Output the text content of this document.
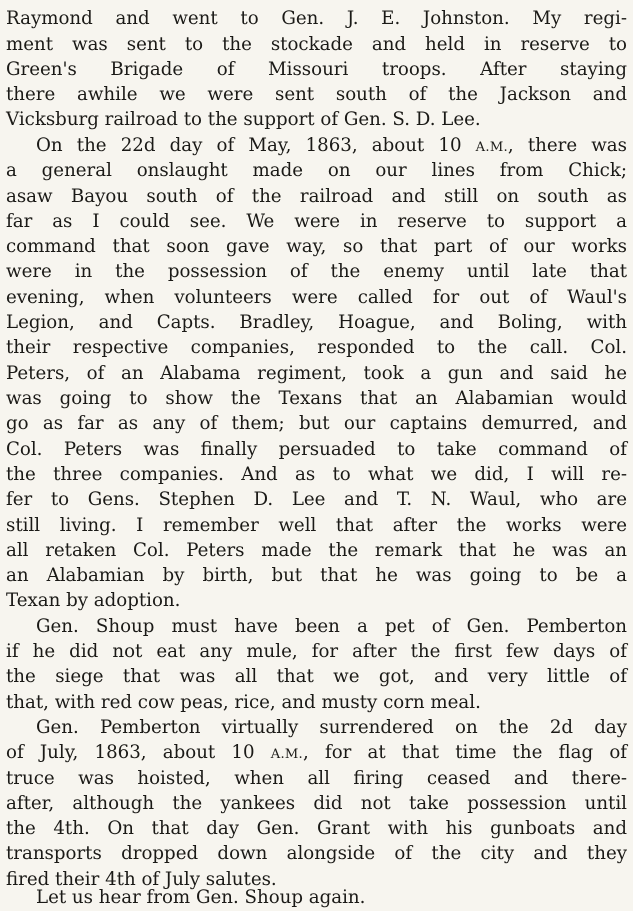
Raymond and went to Gen. J. E. Johnston. My regi-
ment was sent to the stockade and held in reserve to
Green's Brigade of Missouri troops. After staying
there awhile we were sent south of the Jackson and
Vicksburg railroad to the support of Gen. S. D. Lee.
On the 22d day of May, 1863, about 10 A.M., there was
a general onslaught made on our lines from Chick;
asaw Bayou south of the railroad and still on south as
far as I could see. We were in reserve to support a
command that soon gave way, so that part of our works
were in the possession of the enemy until late that
evening, when volunteers were called for out of Waul's
Legion, and Capts. Bradley, Hoague, and Boling, with
their respective companies, responded to the call. Col.
Peters, of an Alabama regiment, took a gun and said he
was going to show the Texans that an Alabamian would
go as far as any of them; but our captains demurred, and
Col. Peters was finally persuaded to take command of
the three companies. And as to what we did, I will re-
fer to Gens. Stephen D. Lee and T. N. Waul, who are
still living. I remember well that after the works were
all retaken Col. Peters made the remark that he was an
an Alabamian by birth, but that he was going to be a
Texan by adoption.
Gen. Shoup must have been a pet of Gen. Pemberton
if he did not eat any mule, for after the first few days of
the siege that was all that we got, and very little of
that, with red cow peas, rice, and musty corn meal.
Gen. Pemberton virtually surrendered on the 2d day
of July, 1863, about 10 A.M., for at that time the flag of
truce was hoisted, when all firing ceased and there-
after, although the yankees did not take possession until
the 4th. On that day Gen. Grant with his gunboats and
transports dropped down alongside of the city and they
fired their 4th of July salutes.
Let us hear from Gen. Shoup again.
